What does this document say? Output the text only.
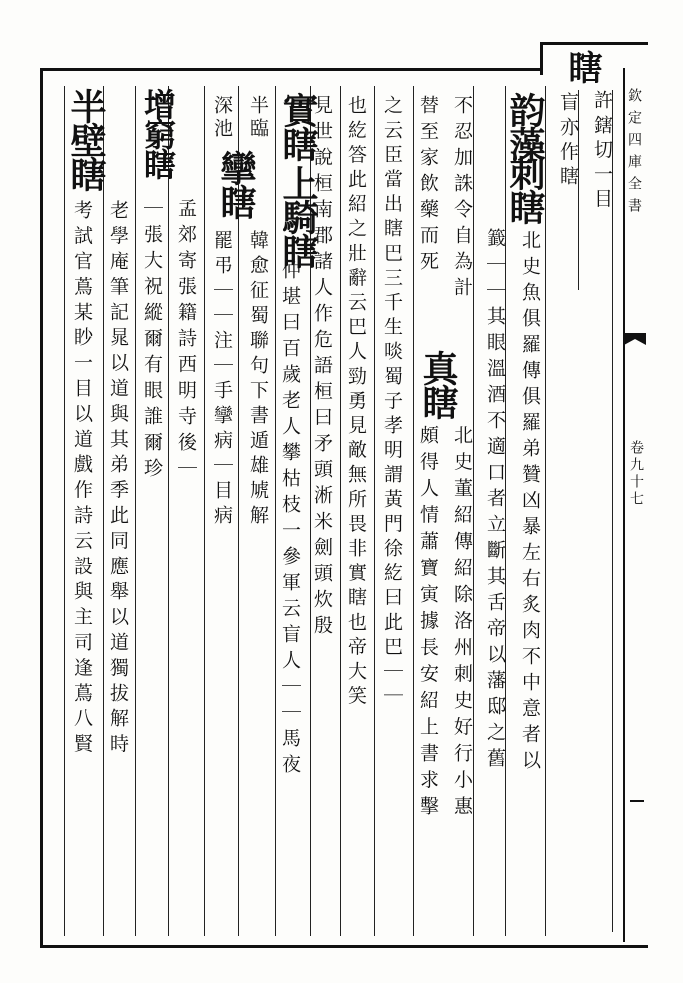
欽定四庫全書
卷九十七
瞎
許鎋切一目
盲亦作瞎
韵藻
刺瞎
北史魚俱羅傳俱羅弟贊凶暴左右炙肉不中意者以
籖｜｜其眼溫酒不適口者立斷其舌帝以藩邸之舊
不忍加誅令自為計
替至家飲藥而死
真瞎
北史董紹傳紹除洛州刺史好行小惠
頗得人情蕭寶寅據長安紹上書求擊
之云臣當出瞎巴三千生啖蜀子孝明謂黃門徐紇曰此巴｜｜
也紇答此紹之壯辭云巴人勁勇見敵無所畏非實瞎也帝大笑
實瞎
上騎瞎
見世說桓南郡諸人作危語桓曰矛頭淅米劍頭炊殷
仲堪曰百歲老人攀枯枝一參軍云盲人｜｜馬夜
半臨
深池
攣瞎
韓愈征蜀聯句下書遁雄虓解
罷弔｜｜注｜手攣病｜目病
增窮瞎
孟郊寄張籍詩西明寺後｜
｜張大祝縱爾有眼誰爾珍
半壁瞎
老學庵筆記晁以道與其弟季此同應舉以道獨拔解時
考試官蔦某眇一目以道戲作詩云設與主司逢蔦八賢
